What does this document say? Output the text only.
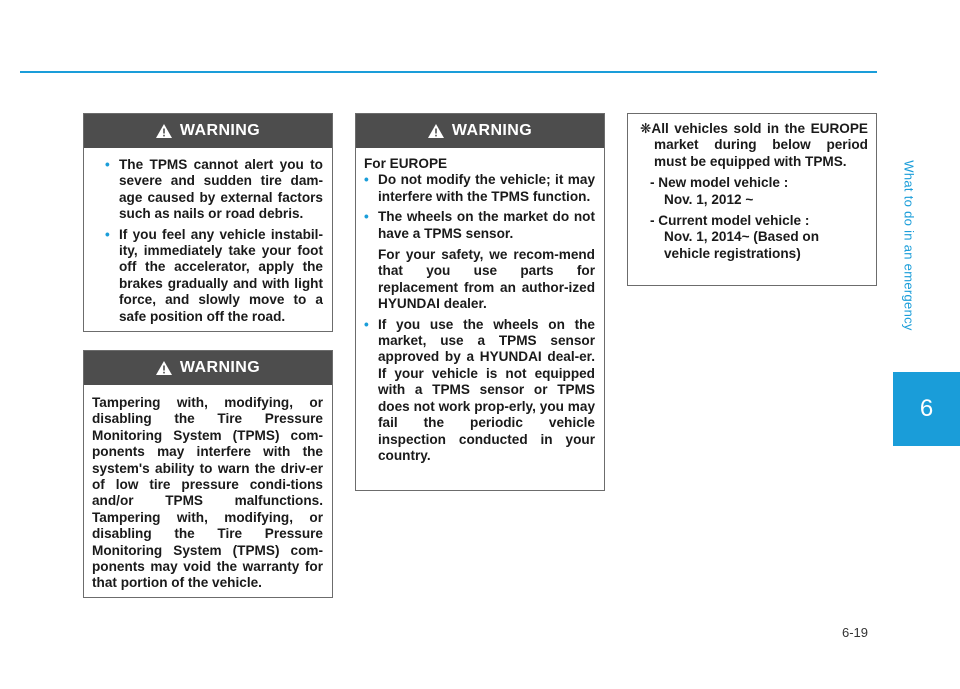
What to do in an emergency
6
6-19
WARNING
• The TPMS cannot alert you to severe and sudden tire dam-age caused by external factors such as nails or road debris.
• If you feel any vehicle instabil-ity, immediately take your foot off the accelerator, apply the brakes gradually and with light force, and slowly move to a safe position off the road.
WARNING

Tampering with, modifying, or disabling the Tire Pressure Monitoring System (TPMS) com-ponents may interfere with the system's ability to warn the driv-er of low tire pressure condi-tions and/or TPMS malfunctions. Tampering with, modifying, or disabling the Tire Pressure Monitoring System (TPMS) com-ponents may void the warranty for that portion of the vehicle.

WARNING

For EUROPE

• Do not modify the vehicle; it may interfere with the TPMS function.
• The wheels on the market do not have a TPMS sensor.
For your safety, we recom-mend that you use parts for replacement from an author-ized HYUNDAI dealer.
• If you use the wheels on the market, use a TPMS sensor approved by a HYUNDAI deal-er. If your vehicle is not equipped with a TPMS sensor or TPMS does not work prop-erly, you may fail the periodic vehicle inspection conducted in your country.
❋All vehicles sold in the EUROPE market during below period must be equipped with TPMS.
- New model vehicle :
Nov. 1, 2012 ~
- Current model vehicle :
Nov. 1, 2014~ (Based on vehicle registrations)
